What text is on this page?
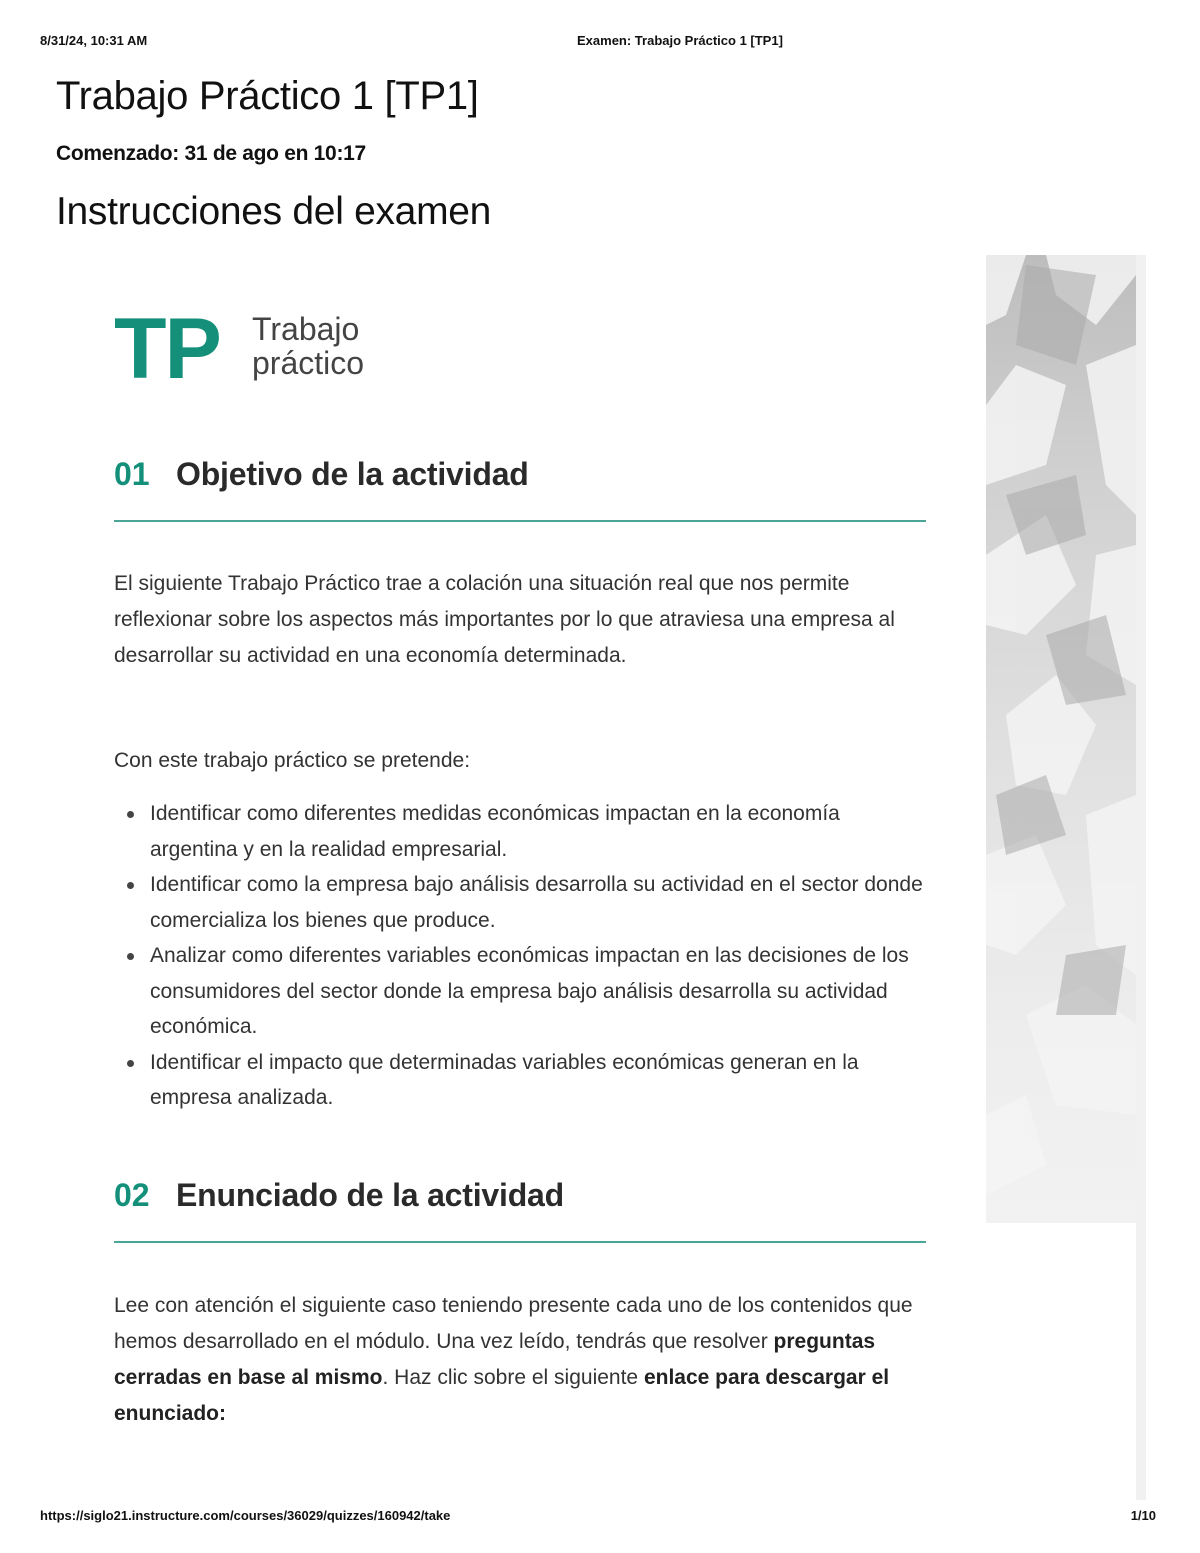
8/31/24, 10:31 AM	Examen: Trabajo Práctico 1 [TP1]
Trabajo Práctico 1 [TP1]
Comenzado: 31 de ago en 10:17
Instrucciones del examen
TP Trabajo
práctico
01 Objetivo de la actividad

El siguiente Trabajo Práctico trae a colación una situación real que nos permite reflexionar sobre los aspectos más importantes por lo que atraviesa una empresa al desarrollar su actividad en una economía determinada.

Con este trabajo práctico se pretende:

Identificar como diferentes medidas económicas impactan en la economía argentina y en la realidad empresarial.
Identificar como la empresa bajo análisis desarrolla su actividad en el sector donde comercializa los bienes que produce.
Analizar como diferentes variables económicas impactan en las decisiones de los consumidores del sector donde la empresa bajo análisis desarrolla su actividad económica.
Identificar el impacto que determinadas variables económicas generan en la empresa analizada.
02 Enunciado de la actividad

Lee con atención el siguiente caso teniendo presente cada uno de los contenidos que hemos desarrollado en el módulo. Una vez leído, tendrás que resolver preguntas cerradas en base al mismo. Haz clic sobre el siguiente enlace para descargar el enunciado:

https://siglo21.instructure.com/courses/36029/quizzes/160942/take	1/10
